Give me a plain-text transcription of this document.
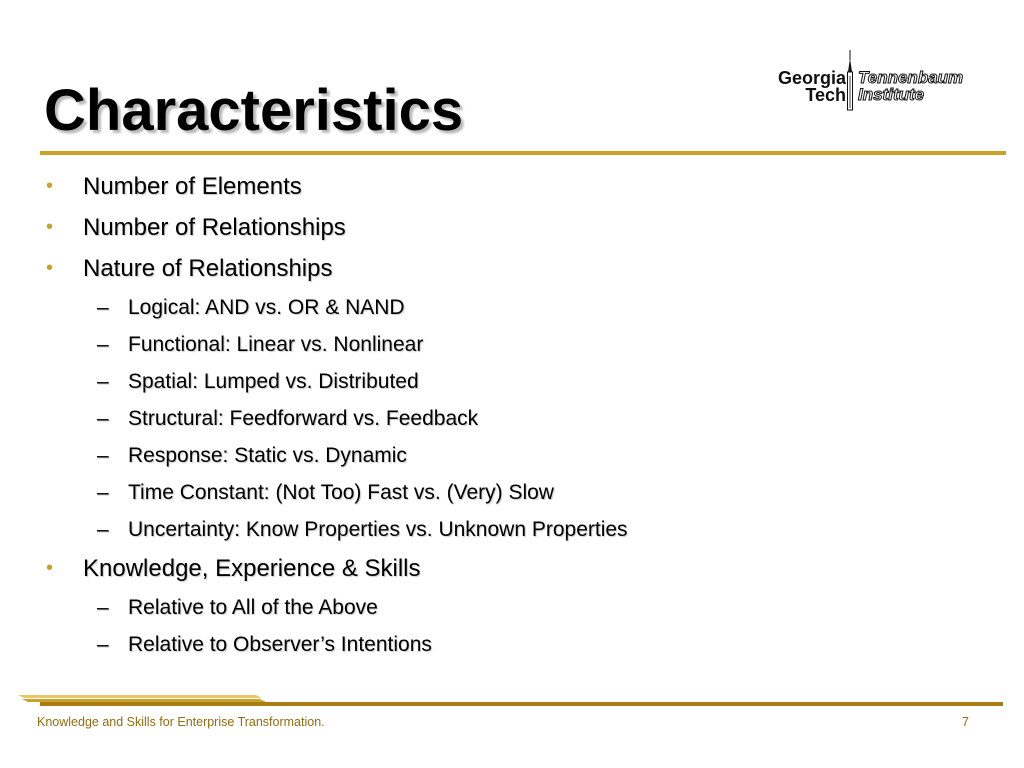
Characteristics	Georgia
Tech
Tennenbaum
Institute
• Number of Elements
• Number of Relationships
• Nature of Relationships
– Logical: AND vs. OR & NAND
– Functional: Linear vs. Nonlinear
– Spatial: Lumped vs. Distributed
– Structural: Feedforward vs. Feedback
– Response: Static vs. Dynamic
– Time Constant: (Not Too) Fast vs. (Very) Slow
– Uncertainty: Know Properties vs. Unknown Properties
• Knowledge, Experience & Skills
– Relative to All of the Above
– Relative to Observer’s Intentions
Knowledge and Skills for Enterprise Transformation.	7
